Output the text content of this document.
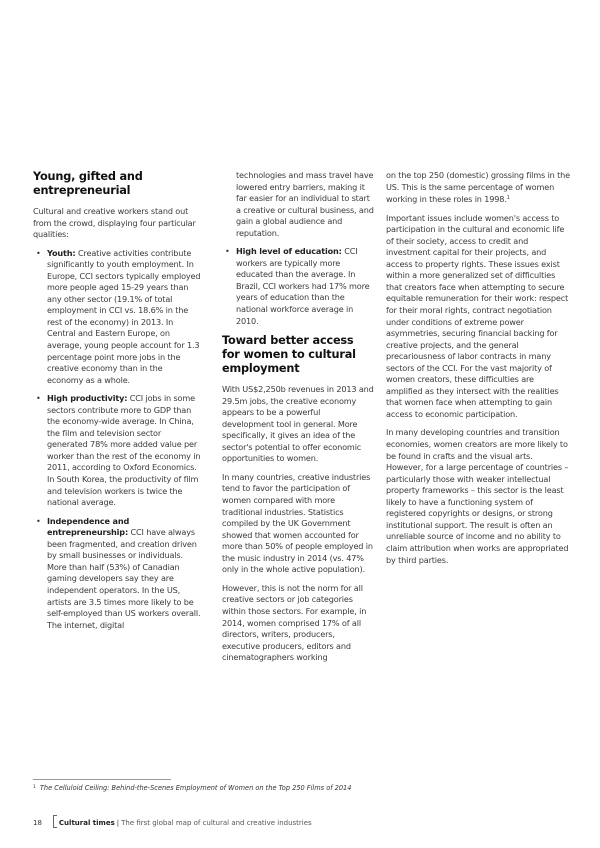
Young, gifted and entrepreneurial

Cultural and creative workers stand out from the crowd, displaying four particular qualities:

• Youth: Creative activities contribute significantly to youth employment. In Europe, CCI sectors typically employed more people aged 15-29 years than any other sector (19.1% of total employment in CCI vs. 18.6% in the rest of the economy) in 2013. In Central and Eastern Europe, on average, young people account for 1.3 percentage point more jobs in the creative economy than in the economy as a whole.
• High productivity: CCI jobs in some sectors contribute more to GDP than the economy-wide average. In China, the film and television sector generated 78% more added value per worker than the rest of the economy in 2011, according to Oxford Economics. In South Korea, the productivity of film and television workers is twice the national average.
• Independence and entrepreneurship: CCI have always been fragmented, and creation driven by small businesses or individuals. More than half (53%) of Canadian gaming developers say they are independent operators. In the US, artists are 3.5 times more likely to be self-employed than US workers overall. The internet, digital

technologies and mass travel have lowered entry barriers, making it far easier for an individual to start a creative or cultural business, and gain a global audience and reputation.

• High level of education: CCI workers are typically more educated than the average. In Brazil, CCI workers had 17% more years of education than the national workforce average in 2010.
Toward better access for women to cultural employment

With US$2,250b revenues in 2013 and 29.5m jobs, the creative economy appears to be a powerful development tool in general. More specifically, it gives an idea of the sector's potential to offer economic opportunities to women.

In many countries, creative industries tend to favor the participation of women compared with more traditional industries. Statistics compiled by the UK Government showed that women accounted for more than 50% of people employed in the music industry in 2014 (vs. 47% only in the whole active population).

However, this is not the norm for all creative sectors or job categories within those sectors. For example, in 2014, women comprised 17% of all directors, writers, producers, executive producers, editors and cinematographers working

on the top 250 (domestic) grossing films in the US. This is the same percentage of women working in these roles in 1998.$^1$

Important issues include women's access to participation in the cultural and economic life of their society, access to credit and investment capital for their projects, and access to property rights. These issues exist within a more generalized set of difficulties that creators face when attempting to secure equitable remuneration for their work: respect for their moral rights, contract negotiation under conditions of extreme power asymmetries, securing financial backing for creative projects, and the general precariousness of labor contracts in many sectors of the CCI. For the vast majority of women creators, these difficulties are amplified as they intersect with the realities that women face when attempting to gain access to economic participation.

In many developing countries and transition economies, women creators are more likely to be found in crafts and the visual arts. However, for a large percentage of countries – particularly those with weaker intellectual property frameworks – this sector is the least likely to have a functioning system of registered copyrights or designs, or strong institutional support. The result is often an unreliable source of income and no ability to claim attribution when works are appropriated by third parties.

$^1$ The Celluloid Ceiling: Behind-the-Scenes Employment of Women on the Top 250 Films of 2014
18 Cultural times | The first global map of cultural and creative industries
